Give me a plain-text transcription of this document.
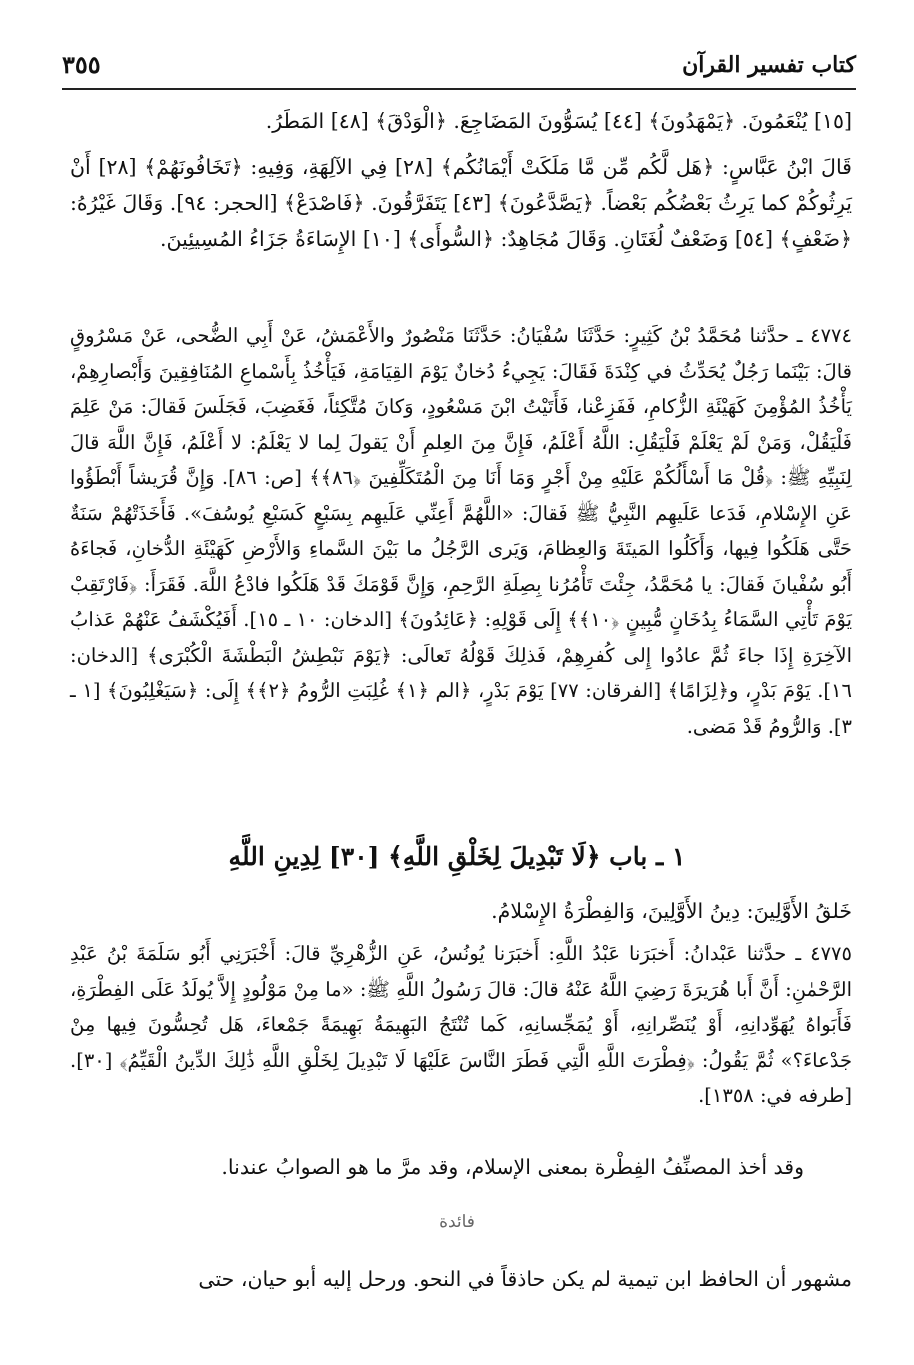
كتاب تفسير القرآن
٣٥٥
[١٥] يُنْعَمُونَ. ﴿يَمْهَدُونَ﴾ [٤٤] يُسَوُّونَ المَضَاجِعَ. ﴿الْوَدْقَ﴾ [٤٨] المَطَرُ.
قَالَ ابْنُ عَبَّاسٍ: ﴿هَل لَّكُم مِّن مَّا مَلَكَتْ أَيْمَانُكُم﴾ [٢٨] فِي الآلِهَةِ، وَفِيهِ: ﴿تَخَافُونَهُمْ﴾ [٢٨] أَنْ يَرِثُوكُمْ كما يَرِثُ بَعْضُكُم بَعْضاً. ﴿يَصَّدَّعُونَ﴾ [٤٣] يَتَفَرَّقُونَ. ﴿فَاصْدَعْ﴾ [الحجر: ٩٤]. وَقَالَ غَيْرُهُ: ﴿ضَعْفٍ﴾ [٥٤] وَضَعْفٌ لُغَتَانِ. وَقَالَ مُجَاهِدٌ: ﴿السُّوأَى﴾ [١٠] الإِسَاءَةُ جَزَاءُ المُسِيئِينَ.
٤٧٧٤ ـ حدَّثنا مُحَمَّدُ بْنُ كَثِيرٍ: حَدَّثَنَا سُفْيَانُ: حَدَّثَنَا مَنْصُورٌ والأَعْمَشُ، عَنْ أَبِي الضُّحى، عَنْ مَسْرُوقٍ قالَ: بَيْنَما رَجُلٌ يُحَدِّثُ في كِنْدَةَ فَقَالَ: يَجِيءُ دُخانٌ يَوْمَ القِيَامَةِ، فَيَأْخُذُ بِأَسْماعِ المُنَافِقِينَ وَأَبْصارِهِمْ، يَأْخُذُ المُؤْمِنَ كَهَيْئَةِ الزُّكامِ، فَفَزِعْنا، فَأَتَيْتُ ابْنَ مَسْعُودٍ، وَكانَ مُتَّكِئاً، فَغَضِبَ، فَجَلَسَ فَقالَ: مَنْ عَلِمَ فَلْيَقُلْ، وَمَنْ لَمْ يَعْلَمْ فَلْيَقُلِ: اللَّهُ أَعْلَمُ، فَإِنَّ مِنَ العِلمِ أَنْ يَقولَ لِما لا يَعْلَمُ: لا أَعْلَمُ، فَإِنَّ اللَّهَ قالَ لِنَبِيِّهِ ﷺ: ﴿قُلْ مَا أَسْأَلُكُمْ عَلَيْهِ مِنْ أَجْرٍ وَمَا أَنَا مِنَ الْمُتَكَلِّفِينَ ﴿٨٦﴾﴾ [ص: ٨٦]. وَإِنَّ قُرَيشاً أَبْطَؤُوا عَنِ الإِسْلامِ، فَدَعا عَلَيهِم النَّبِيُّ ﷺ فَقالَ: «اللَّهُمَّ أَعِنِّي عَلَيهِم بِسَبْعٍ كَسَبْعِ يُوسُفَ». فَأَخَذَتْهُمْ سَنَةٌ حَتَّى هَلَكُوا فِيها، وَأَكَلُوا المَيتَةَ وَالعِظامَ، وَيَرى الرَّجُلُ ما بَيْنَ السَّماءِ وَالأَرْضِ كَهَيْئَةِ الدُّخانِ، فَجاءَهُ أَبُو سُفْيانَ فَقالَ: يا مُحَمَّدُ، جِئْتَ تَأْمُرُنا بِصِلَةِ الرَّحِمِ، وَإِنَّ قَوْمَكَ قَدْ هَلَكُوا فادْعُ اللَّهَ. فَقَرَأَ: ﴿فَارْتَقِبْ يَوْمَ تَأْتِي السَّمَاءُ بِدُخَانٍ مُّبِينٍ ﴿١٠﴾﴾ إِلَى قَوْلِهِ: ﴿عَائِدُونَ﴾ [الدخان: ١٠ ـ ١٥]. أَفَيُكْشَفُ عَنْهُمْ عَذابُ الآخِرَةِ إِذَا جاءَ ثُمَّ عادُوا إِلى كُفرِهِمْ، فَذلِكَ قَوْلُهُ تَعالَى: ﴿يَوْمَ نَبْطِشُ الْبَطْشَةَ الْكُبْرَى﴾ [الدخان: ١٦]. يَوْمَ بَدْرٍ، و﴿لِزَامًا﴾ [الفرقان: ٧٧] يَوْمَ بَدْرٍ، ﴿الم ﴿١﴾ غُلِبَتِ الرُّومُ ﴿٢﴾﴾ إِلَى: ﴿سَيَغْلِبُونَ﴾ [١ ـ ٣]. وَالرُّومُ قَدْ مَضى.
١ ـ باب ﴿لَا تَبْدِيلَ لِخَلْقِ اللَّهِ﴾ [٣٠] لِدِينِ اللَّهِ
خَلقُ الأَوَّلِينَ: دِينُ الأَوَّلِينَ، وَالفِطْرَةُ الإِسْلامُ.
٤٧٧٥ ـ حدَّثنا عَبْدانُ: أَخبَرَنا عَبْدُ اللَّهِ: أَخبَرَنا يُونُسُ، عَنِ الزُّهْرِيِّ قالَ: أَخْبَرَنِي أَبُو سَلَمَةَ بْنُ عَبْدِ الرَّحْمٰنِ: أَنَّ أَبا هُرَيرَةَ رَضِيَ اللَّهُ عَنْهُ قالَ: قالَ رَسُولُ اللَّهِ ﷺ: «ما مِنْ مَوْلُودٍ إِلاَّ يُولَدُ عَلَى الفِطْرَةِ، فَأَبَواهُ يُهَوِّدانِهِ، أَوْ يُنَصِّرانِهِ، أَوْ يُمَجِّسانِهِ، كَما تُنْتَجُ البَهِيمَةُ بَهِيمَةً جَمْعاءَ، هَل تُحِسُّونَ فِيها مِنْ جَدْعاءَ؟» ثُمَّ يَقُولُ: ﴿فِطْرَتَ اللَّهِ الَّتِي فَطَرَ النَّاسَ عَلَيْهَا لَا تَبْدِيلَ لِخَلْقِ اللَّهِ ذَٰلِكَ الدِّينُ الْقَيِّمُ﴾ [٣٠]. [طرفه في: ١٣٥٨].
وقد أخذ المصنِّفُ الفِطْرة بمعنى الإسلام، وقد مرَّ ما هو الصوابُ عندنا.
فائدة
مشهور أن الحافظ ابن تيمية لم يكن حاذقاً في النحو. ورحل إليه أبو حيان، حتى
